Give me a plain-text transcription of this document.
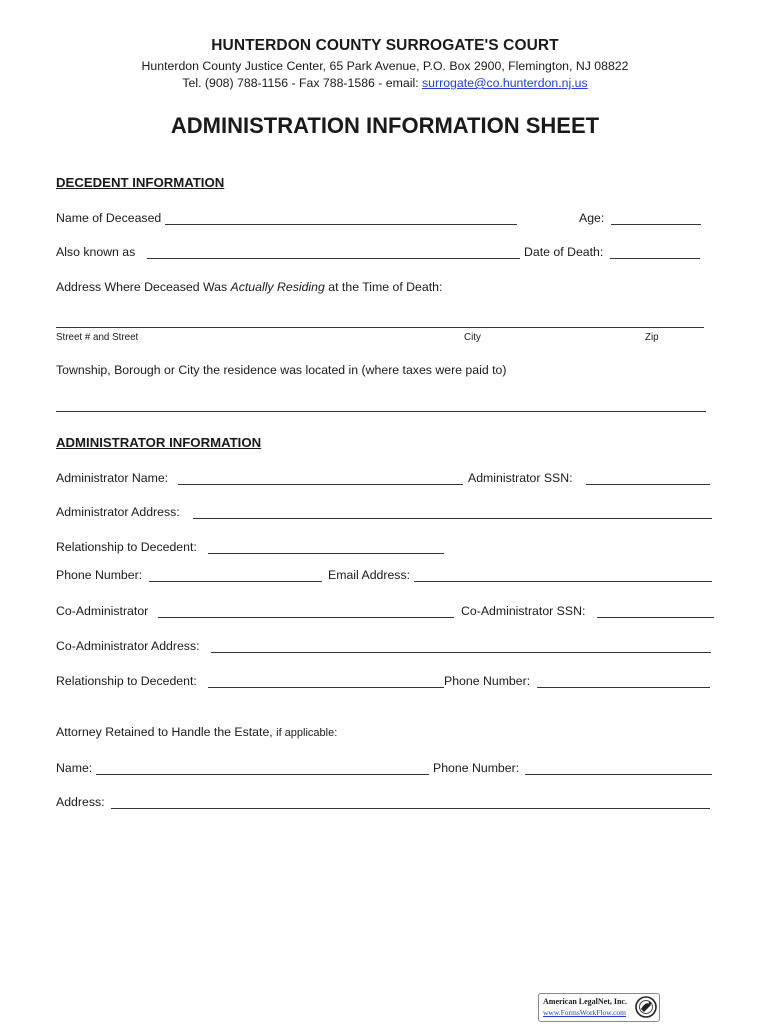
HUNTERDON COUNTY SURROGATE'S COURT
Hunterdon County Justice Center, 65 Park Avenue, P.O. Box 2900, Flemington, NJ 08822
Tel. (908) 788-1156 - Fax 788-1586 - email: surrogate@co.hunterdon.nj.us
ADMINISTRATION INFORMATION SHEET
DECEDENT INFORMATION
Name of Deceased	Age:
Also known as	Date of Death:
Address Where Deceased Was Actually Residing at the Time of Death:
Street # and Street	City	Zip
Township, Borough or City the residence was located in (where taxes were paid to)
ADMINISTRATOR INFORMATION
Administrator Name:	Administrator SSN:
Administrator Address:
Relationship to Decedent:
Phone Number:	Email Address:
Co-Administrator	Co-Administrator SSN:
Co-Administrator Address:
Relationship to Decedent:	Phone Number:
Attorney Retained to Handle the Estate, if applicable:
Name:	Phone Number:
Address:
American LegalNet, Inc.
www.FormsWorkFlow.com
